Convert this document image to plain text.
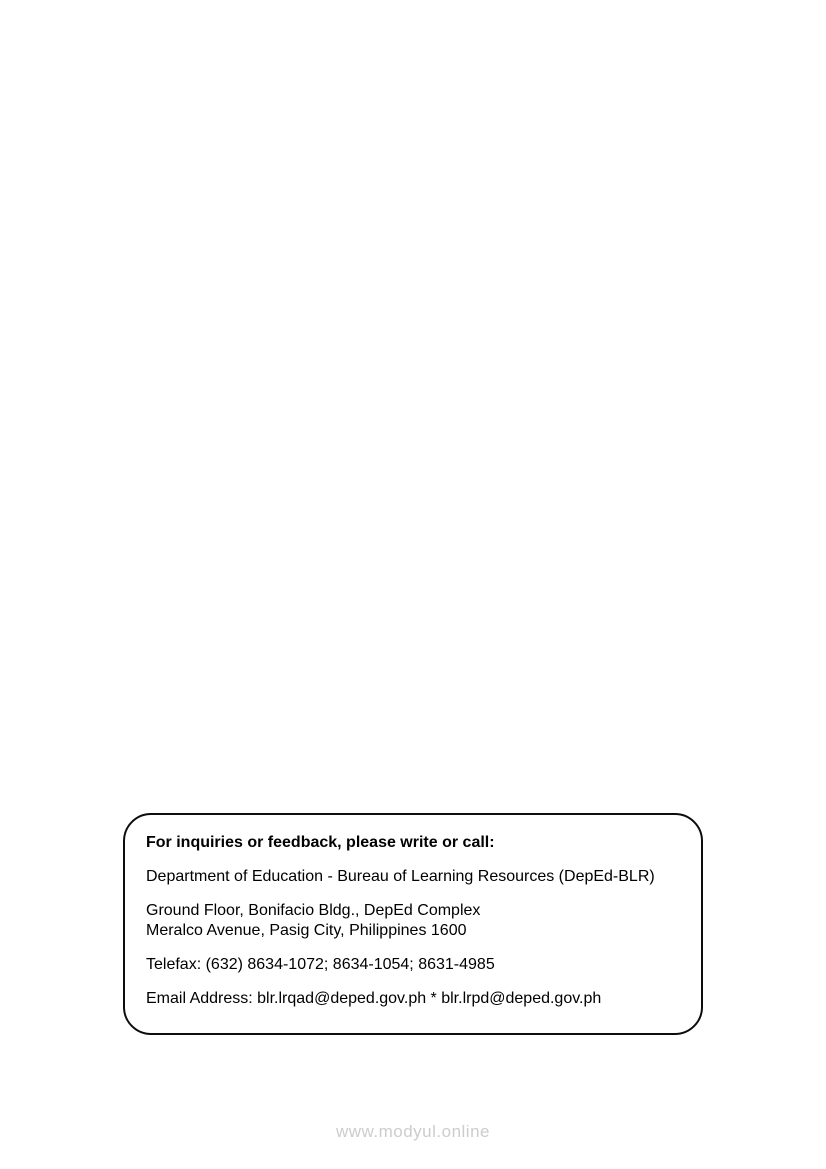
For inquiries or feedback, please write or call:

Department of Education - Bureau of Learning Resources (DepEd-BLR)

Ground Floor, Bonifacio Bldg., DepEd Complex
Meralco Avenue, Pasig City, Philippines 1600

Telefax: (632) 8634-1072; 8634-1054; 8631-4985

Email Address: blr.lrqad@deped.gov.ph * blr.lrpd@deped.gov.ph

www.modyul.online
